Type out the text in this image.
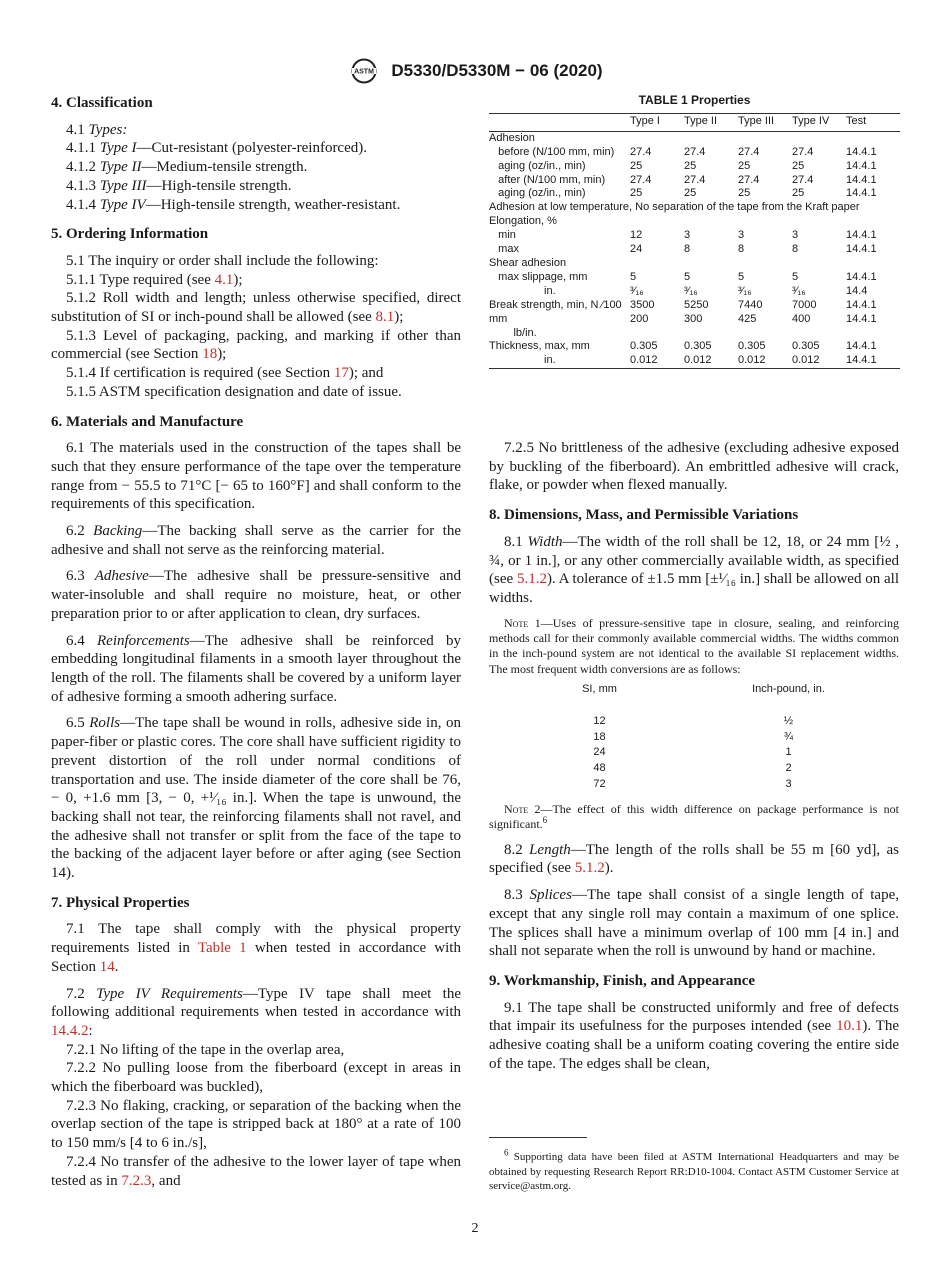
ASTM D5330/D5330M − 06 (2020)
4. Classification

4.1 Types:

4.1.1 Type I—Cut-resistant (polyester-reinforced).

4.1.2 Type II—Medium-tensile strength.

4.1.3 Type III—High-tensile strength.

4.1.4 Type IV—High-tensile strength, weather-resistant.

5. Ordering Information

5.1 The inquiry or order shall include the following:

5.1.1 Type required (see 4.1);

5.1.2 Roll width and length; unless otherwise specified, direct substitution of SI or inch-pound shall be allowed (see 8.1);

5.1.3 Level of packaging, packing, and marking if other than commercial (see Section 18);

5.1.4 If certification is required (see Section 17); and

5.1.5 ASTM specification designation and date of issue.

6. Materials and Manufacture

6.1 The materials used in the construction of the tapes shall be such that they ensure performance of the tape over the temperature range from − 55.5 to 71°C [− 65 to 160°F] and shall conform to the requirements of this specification.

6.2 Backing—The backing shall serve as the carrier for the adhesive and shall not serve as the reinforcing material.

6.3 Adhesive—The adhesive shall be pressure-sensitive and water-insoluble and shall require no moisture, heat, or other preparation prior to or after application to clean, dry surfaces.

6.4 Reinforcements—The adhesive shall be reinforced by embedding longitudinal filaments in a smooth layer throughout the length of the roll. The filaments shall be covered by a uniform layer of adhesive forming a smooth adhering surface.

6.5 Rolls—The tape shall be wound in rolls, adhesive side in, on paper-fiber or plastic cores. The core shall have sufficient rigidity to prevent distortion of the roll under normal conditions of transportation and use. The inside diameter of the core shall be 76, − 0, +1.6 mm [3, − 0, +¹⁄₁₆ in.]. When the tape is unwound, the backing shall not tear, the reinforcing filaments shall not ravel, and the adhesive shall not transfer or split from the face of the tape to the backing of the adjacent layer before or after aging (see Section 14).

7. Physical Properties

7.1 The tape shall comply with the physical property requirements listed in Table 1 when tested in accordance with Section 14.

7.2 Type IV Requirements—Type IV tape shall meet the following additional requirements when tested in accordance with 14.4.2:

7.2.1 No lifting of the tape in the overlap area,

7.2.2 No pulling loose from the fiberboard (except in areas in which the fiberboard was buckled),

7.2.3 No flaking, cracking, or separation of the backing when the overlap section of the tape is stripped back at 180° at a rate of 100 to 150 mm/s [4 to 6 in./s],

7.2.4 No transfer of the adhesive to the lower layer of tape when tested as in 7.2.3, and

TABLE 1 Properties
	Type I	Type II	Type III	Type IV	Test
Adhesion					
before (N/100 mm, min)	27.4	27.4	27.4	27.4	14.4.1
aging (oz/in., min)	25	25	25	25	14.4.1
after (N/100 mm, min)	27.4	27.4	27.4	27.4	14.4.1
aging (oz/in., min)	25	25	25	25	14.4.1
Adhesion at low temperature, No separation of the tape from the Kraft paper					
Elongation, %					
min	12	3	3	3	14.4.1
max	24	8	8	8	14.4.1
Shear adhesion					
max slippage, mm	5	5	5	5	14.4.1
in.	³⁄₁₆	³⁄₁₆	³⁄₁₆	³⁄₁₆	14.4
Break strength, min, N ⁄100	3500	5250	7440	7000	14.4.1
mm	200	300	425	400	14.4.1
lb/in.					
Thickness, max, mm	0.305	0.305	0.305	0.305	14.4.1
in.	0.012	0.012	0.012	0.012	14.4.1

7.2.5 No brittleness of the adhesive (excluding adhesive exposed by buckling of the fiberboard). An embrittled adhesive will crack, flake, or powder when flexed manually.

8. Dimensions, Mass, and Permissible Variations

8.1 Width—The width of the roll shall be 12, 18, or 24 mm [½ , ¾, or 1 in.], or any other commercially available width, as specified (see 5.1.2). A tolerance of ±1.5 mm [±¹⁄₁₆ in.] shall be allowed on all widths.

Note 1—Uses of pressure-sensitive tape in closure, sealing, and reinforcing methods call for their commonly available commercial widths. The widths common in the inch-pound system are not identical to the available SI replacement widths. The most frequent width conversions are as follows:

SI, mm	Inch-pound, in.

12	½
18	¾
24	1
48	2
72	3

Note 2—The effect of this width difference on package performance is not significant.$^6$

8.2 Length—The length of the rolls shall be 55 m [60 yd], as specified (see 5.1.2).

8.3 Splices—The tape shall consist of a single length of tape, except that any single roll may contain a maximum of one splice. The splices shall have a minimum overlap of 100 mm [4 in.] and shall not separate when the roll is unwound by hand or machine.

9. Workmanship, Finish, and Appearance

9.1 The tape shall be constructed uniformly and free of defects that impair its usefulness for the purposes intended (see 10.1). The adhesive coating shall be a uniform coating covering the entire side of the tape. The edges shall be clean,

$^6$ Supporting data have been filed at ASTM International Headquarters and may be obtained by requesting Research Report RR:D10-1004. Contact ASTM Customer Service at service@astm.org.
2
